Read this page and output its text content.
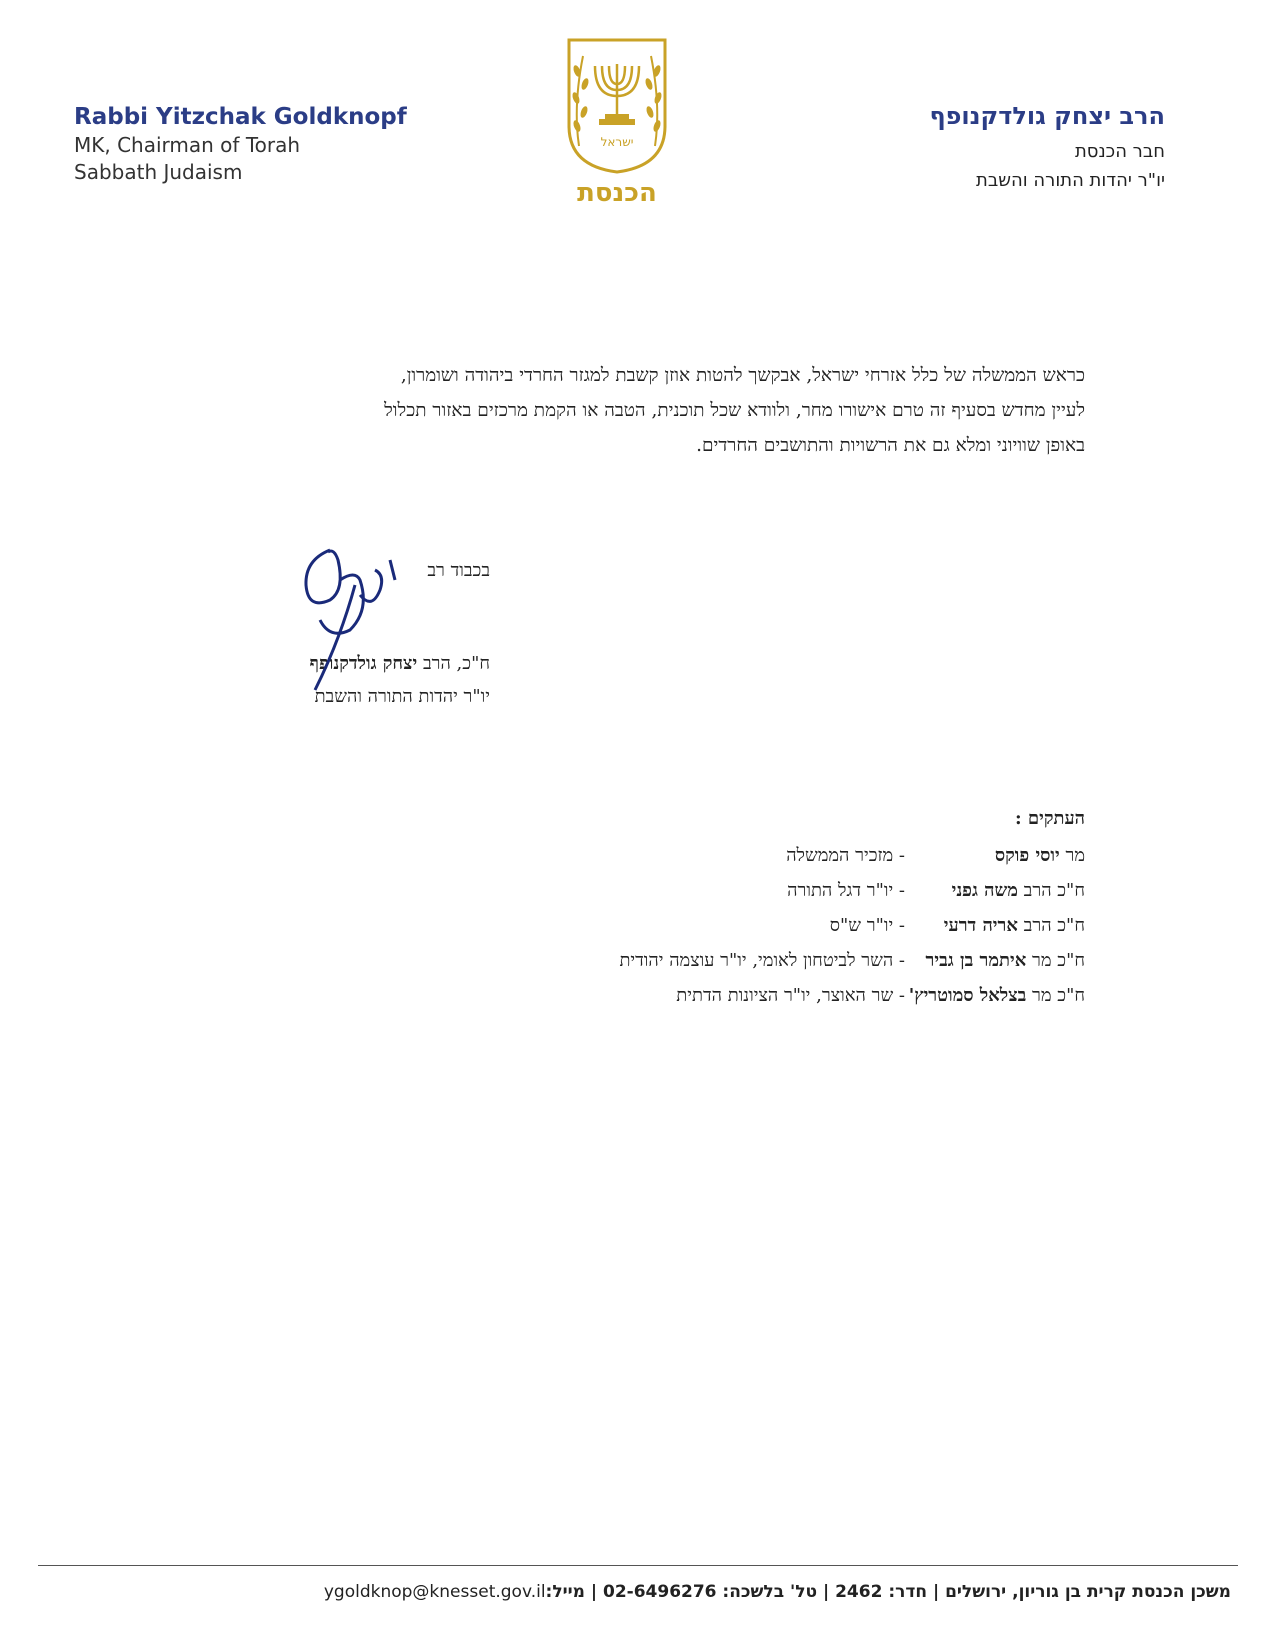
Rabbi Yitzchak Goldknopf
MK, Chairman of Torah
Sabbath Judaism
ישראל
הכנסת
הרב יצחק גולדקנופף
חבר הכנסת
יו"ר יהדות התורה והשבת
כראש הממשלה של כלל אזרחי ישראל, אבקשך להטות אוזן קשבת למגזר החרדי ביהודה ושומרון,
לעיין מחדש בסעיף זה טרם אישורו מחר, ולוודא שכל תוכנית, הטבה או הקמת מרכזים באזור תכלול
באופן שוויוני ומלא גם את הרשויות והתושבים החרדים.
בכבוד רב
ח"כ, הרב יצחק גולדקנופף
יו"ר יהדות התורה והשבת
העתקים :
מר יוסי פוקס
- מזכיר הממשלה
ח"כ הרב משה גפני
- יו"ר דגל התורה
ח"כ הרב אריה דרעי
- יו"ר ש"ס
ח"כ מר איתמר בן גביר
- השר לביטחון לאומי, יו"ר עוצמה יהודית
ח"כ מר בצלאל סמוטריץ'
- שר האוצר, יו"ר הציונות הדתית
משכן הכנסת קרית בן גוריון, ירושלים | חדר: 2462 | טל' בלשכה: 02-6496276 | מייל:
ygoldknop@knesset.gov.il
